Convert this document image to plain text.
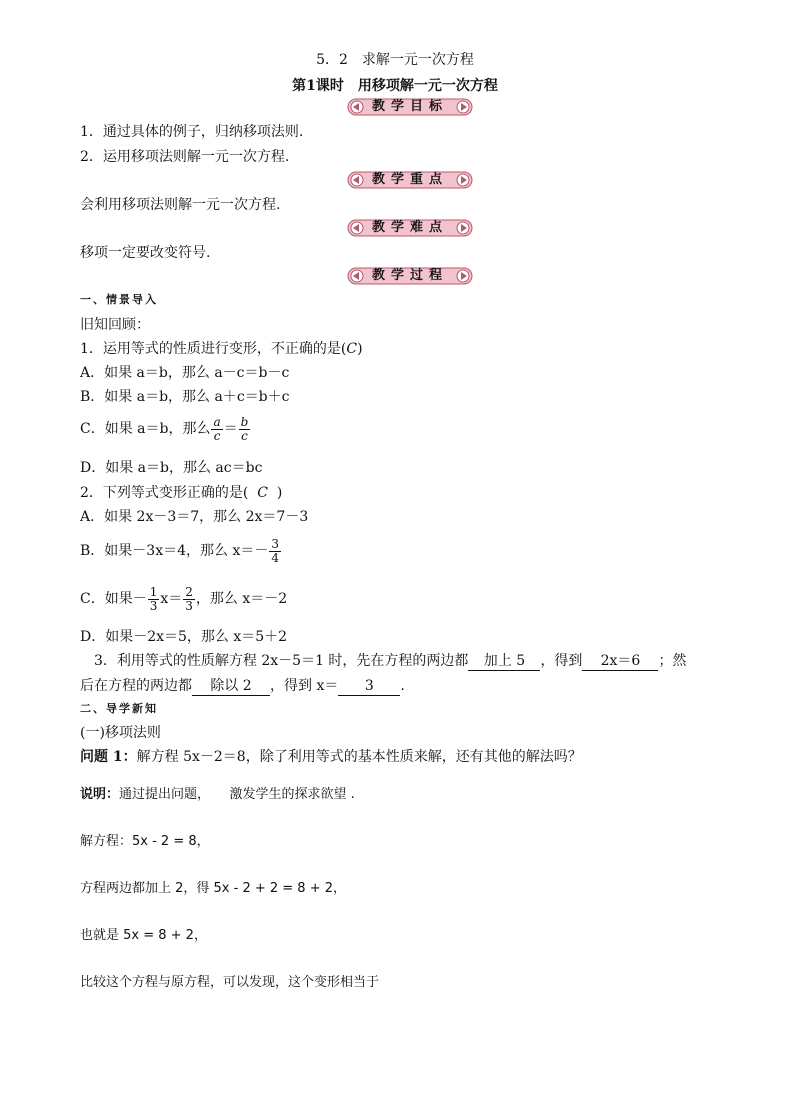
5．2　求解一元一次方程
第1课时　用移项解一元一次方程
教学目标
1．通过具体的例子，归纳移项法则.
2．运用移项法则解一元一次方程.
教学重点
会利用移项法则解一元一次方程.
教学难点
移项一定要改变符号.
教学过程
一、情景导入
旧知回顾：
1．运用等式的性质进行变形，不正确的是(C)
A．如果 a＝b，那么 a－c＝b－c
B．如果 a＝b，那么 a＋c＝b＋c
C．如果 a＝b，那么 $\frac{a}{c} = \frac{b}{c}$
D．如果 a＝b，那么 ac＝bc
2．下列等式变形正确的是( C )
A．如果 2x－3＝7，那么 2x＝7－3
B．如果－3x＝4，那么 $x=- \frac{3}{4}$
C．如果－ $\frac{1}{3} x= \frac{2}{3}$ ，那么 x＝－2
D．如果－2x＝5，那么 x＝5＋2
3．利用等式的性质解方程 2x－5＝1 时，先在方程的两边都 加上 5 ，得到 2x＝6 ；然
后在方程的两边都 除以 2 ，得到 x＝ 3 .
二、导学新知
(一)移项法则
问题 1：解方程 5x－2＝8，除了利用等式的基本性质来解，还有其他的解法吗？
说明：通过提出问题，　　激发学生的探求欲望 .
解方程：5x - 2 = 8，
方程两边都加上 2，得 5x - 2 + 2 = 8 + 2，
也就是 5x = 8 + 2，
比较这个方程与原方程，可以发现，这个变形相当于
